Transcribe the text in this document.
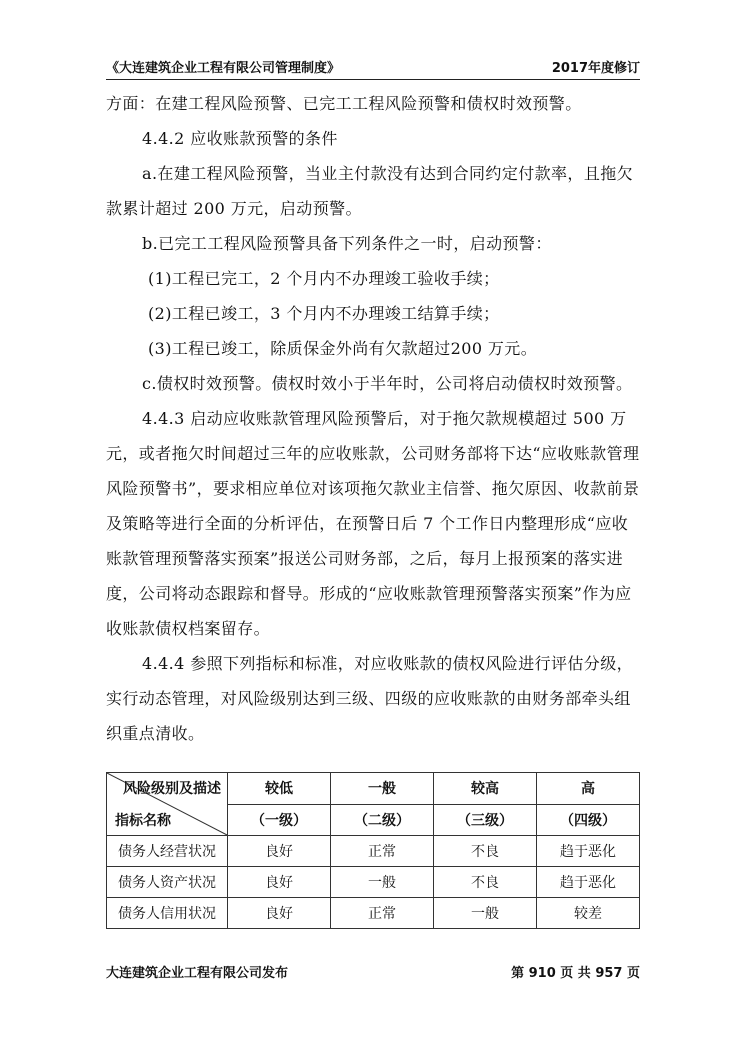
《大连建筑企业工程有限公司管理制度》	2017年度修订

方面：在建工程风险预警、已完工工程风险预警和债权时效预警。

4.4.2 应收账款预警的条件

a.在建工程风险预警，当业主付款没有达到合同约定付款率，且拖欠款累计超过 200 万元，启动预警。

b.已完工工程风险预警具备下列条件之一时，启动预警：

(1)工程已完工，2 个月内不办理竣工验收手续；

(2)工程已竣工，3 个月内不办理竣工结算手续；

(3)工程已竣工，除质保金外尚有欠款超过200 万元。

c.债权时效预警。债权时效小于半年时，公司将启动债权时效预警。

4.4.3 启动应收账款管理风险预警后，对于拖欠款规模超过 500 万元，或者拖欠时间超过三年的应收账款，公司财务部将下达“应收账款管理风险预警书”，要求相应单位对该项拖欠款业主信誉、拖欠原因、收款前景及策略等进行全面的分析评估，在预警日后 7 个工作日内整理形成“应收账款管理预警落实预案”报送公司财务部，之后，每月上报预案的落实进度，公司将动态跟踪和督导。形成的“应收账款管理预警落实预案”作为应收账款债权档案留存。

4.4.4 参照下列指标和标准，对应收账款的债权风险进行评估分级，实行动态管理，对风险级别达到三级、四级的应收账款的由财务部牵头组织重点清收。

风险级别及描述
指标名称	较低	一般	较高	高
	（一级）	（二级）	（三级）	（四级）
债务人经营状况	良好	正常	不良	趋于恶化
债务人资产状况	良好	一般	不良	趋于恶化
债务人信用状况	良好	正常	一般	较差
大连建筑企业工程有限公司发布	第 910 页 共 957 页
